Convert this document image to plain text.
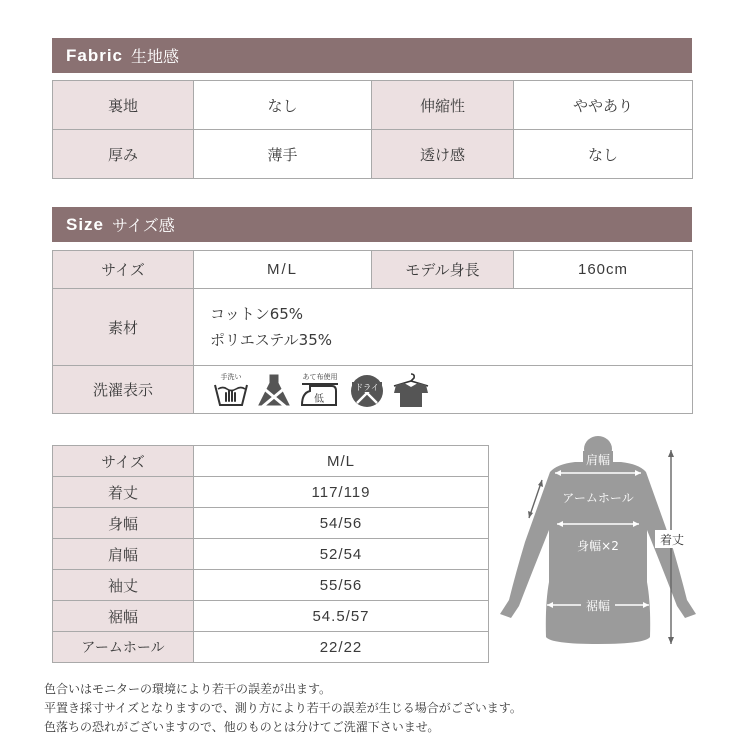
Fabric 生地感
裏地	なし	伸縮性	ややあり
厚み	薄手	透け感	なし
Size サイズ感
サイズ	M/L	モデル身長	160cm
素材	コットン65%
ポリエステル35%		

洗濯表示	手洗い あて布使用
低
ドライ		
サイズ	M/L
着丈	117/119
身幅	54/56
肩幅	52/54
袖丈	55/56
裾幅	54.5/57
アームホール	22/22
肩幅
アームホール
身幅×2
裾幅
着丈
色合いはモニターの環境により若干の誤差が出ます。
平置き採寸サイズとなりますので、測り方により若干の誤差が生じる場合がございます。
色落ちの恐れがございますので、他のものとは分けてご洗濯下さいませ。
